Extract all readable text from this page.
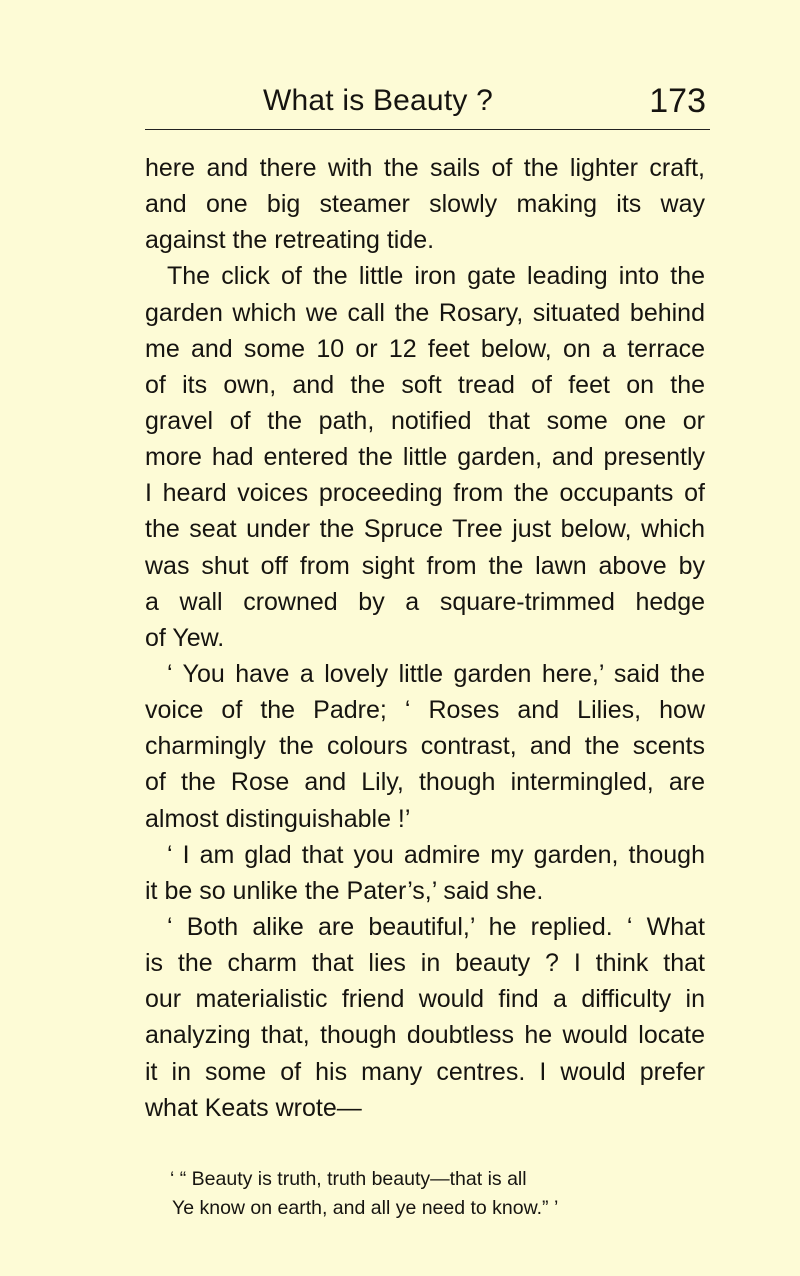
What is Beauty ?	173
here and there with the sails of the lighter craft,
and one big steamer slowly making its way
against the retreating tide.
The click of the little iron gate leading into the
garden which we call the Rosary, situated behind
me and some 10 or 12 feet below, on a terrace
of its own, and the soft tread of feet on the
gravel of the path, notified that some one or
more had entered the little garden, and presently
I heard voices proceeding from the occupants of
the seat under the Spruce Tree just below, which
was shut off from sight from the lawn above by
a wall crowned by a square-trimmed hedge
of Yew.
‘ You have a lovely little garden here,’ said the
voice of the Padre; ‘ Roses and Lilies, how
charmingly the colours contrast, and the scents
of the Rose and Lily, though intermingled, are
almost distinguishable !’
‘ I am glad that you admire my garden, though
it be so unlike the Pater’s,’ said she.
‘ Both alike are beautiful,’ he replied. ‘ What
is the charm that lies in beauty ? I think that
our materialistic friend would find a difficulty in
analyzing that, though doubtless he would locate
it in some of his many centres. I would prefer
what Keats wrote—
‘ “ Beauty is truth, truth beauty—that is all
Ye know on earth, and all ye need to know.” ’
